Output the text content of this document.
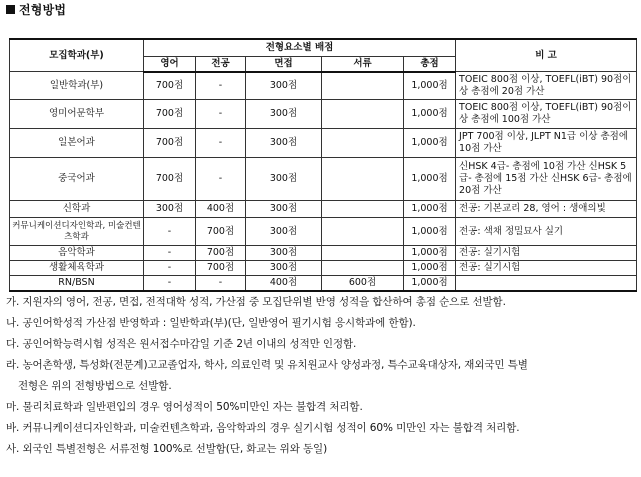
전형방법
모집학과(부)	전형요소별 배점					비 고
	영어	전공	면접	서류	총점	
일반학과(부)	700점	-	300점		1,000점	TOEIC 800점 이상, TOEFL(iBT) 90점이상 총점에 20점 가산
영미어문학부	700점	-	300점		1,000점	TOEIC 800점 이상, TOEFL(iBT) 90점이상 총점에 100점 가산
일본어과	700점	-	300점		1,000점	JPT 700점 이상, JLPT N1급 이상 총점에 10점 가산
중국어과	700점	-	300점		1,000점	신HSK 4급- 총점에 10점 가산 신HSK 5급- 총점에 15점 가산 신HSK 6급- 총점에 20점 가산
신학과	300점	400점	300점		1,000점	전공: 기본교리 28, 영어 : 생애의빛
커뮤니케이션디자인학과, 미술컨텐츠학과	-	700점	300점		1,000점	전공: 색채 정밀묘사 실기
음악학과	-	700점	300점		1,000점	전공: 실기시험
생활체육학과	-	700점	300점		1,000점	전공: 실기시험
RN/BSN	-	-	400점	600점	1,000점	
가. 지원자의 영어, 전공, 면접, 전적대학 성적, 가산점 중 모집단위별 반영 성적을 합산하여 총점 순으로 선발함.
나. 공인어학성적 가산점 반영학과 : 일반학과(부)(단, 일반영어 필기시험 응시학과에 한함).
다. 공인어학능력시험 성적은 원서접수마감일 기준 2년 이내의 성적만 인정함.
라. 농어촌학생, 특성화(전문계)고교졸업자, 학사, 의료인력 및 유치원교사 양성과정, 특수교육대상자, 재외국민 특별
전형은 위의 전형방법으로 선발함.
마. 물리치료학과 일반편입의 경우 영어성적이 50%미만인 자는 불합격 처리함.
바. 커뮤니케이션디자인학과, 미술컨텐츠학과, 음악학과의 경우 실기시험 성적이 60% 미만인 자는 불합격 처리함.
사. 외국인 특별전형은 서류전형 100%로 선발함(단, 화교는 위와 동일)
